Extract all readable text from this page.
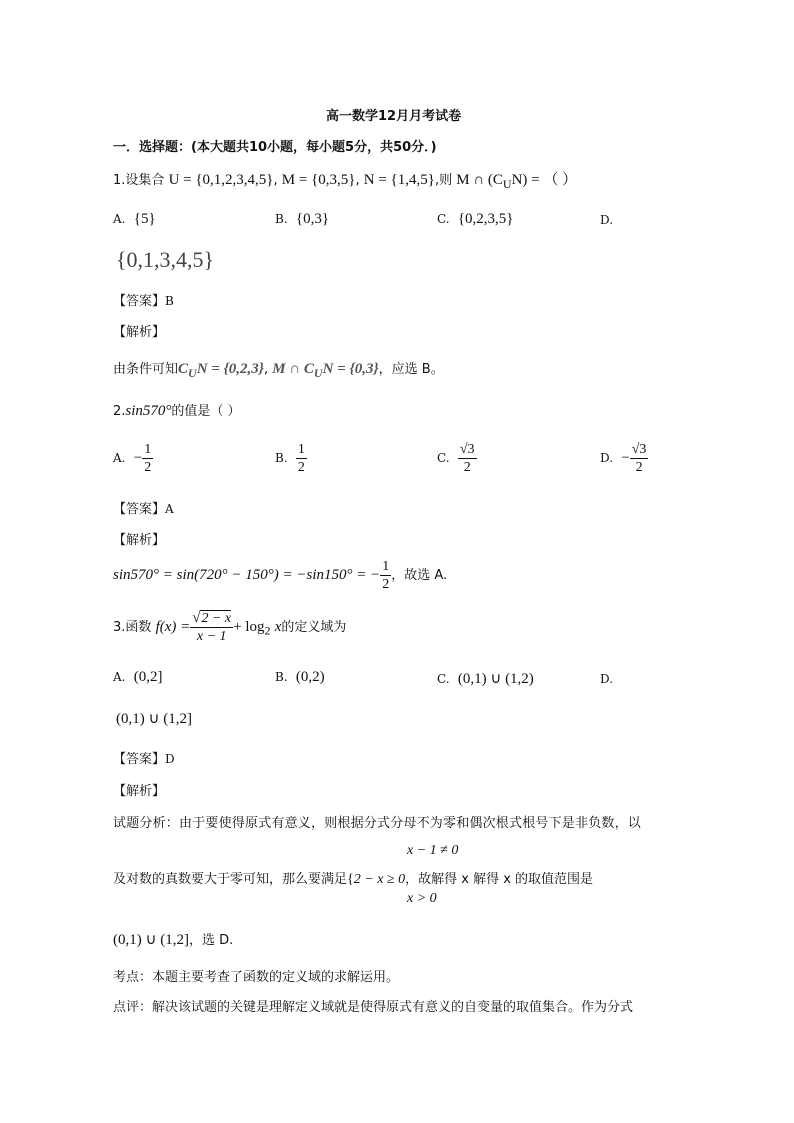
高一数学12月月考试卷
一．选择题：(本大题共10小题，每小题5分，共50分．)
1.设集合 U = {0,1,2,3,4,5}, M = {0,3,5}, N = {1,4,5},则 M ∩ $(C_UN)$ = （ ）
A. {5}	B. {0,3}	C. {0,2,3,5}	D.
{0,1,3,4,5}
【答案】B
【解析】
由条件可知$C_UN = \{0,2,3\}$, M ∩ $C_UN = \{0,3\}$，应选 B。
2.sin570°的值是（ ）
A. − $\frac{1}{2}$	B. $\frac{1}{2}$	C. $\frac{√3}{2}$	D. − $\frac{√3}{2}$
【答案】A
【解析】
sin570° = sin(720° − 150°) = −sin150° = − $\frac{1}{2}$ ，故选 A.
3.函数 $f(x) = \frac{√2 - x}{x - 1} + \log_2 x$的定义域为
A. (0,2]	B. (0,2)	C. (0,1) ∪ (1,2)	D.
(0,1) ∪ (1,2]
【答案】D
【解析】
试题分析：由于要使得原式有意义，则根据分式分母不为零和偶次根式根号下是非负数，以
x − 1 ≠ 0
及对数的真数要大于零可知，那么要满足{2 − x ≥ 0，故解得 x 解得 x 的取值范围是
x > 0
(0,1) ∪ (1,2]，选 D.
考点：本题主要考查了函数的定义域的求解运用。
点评：解决该试题的关键是理解定义域就是使得原式有意义的自变量的取值集合。作为分式
